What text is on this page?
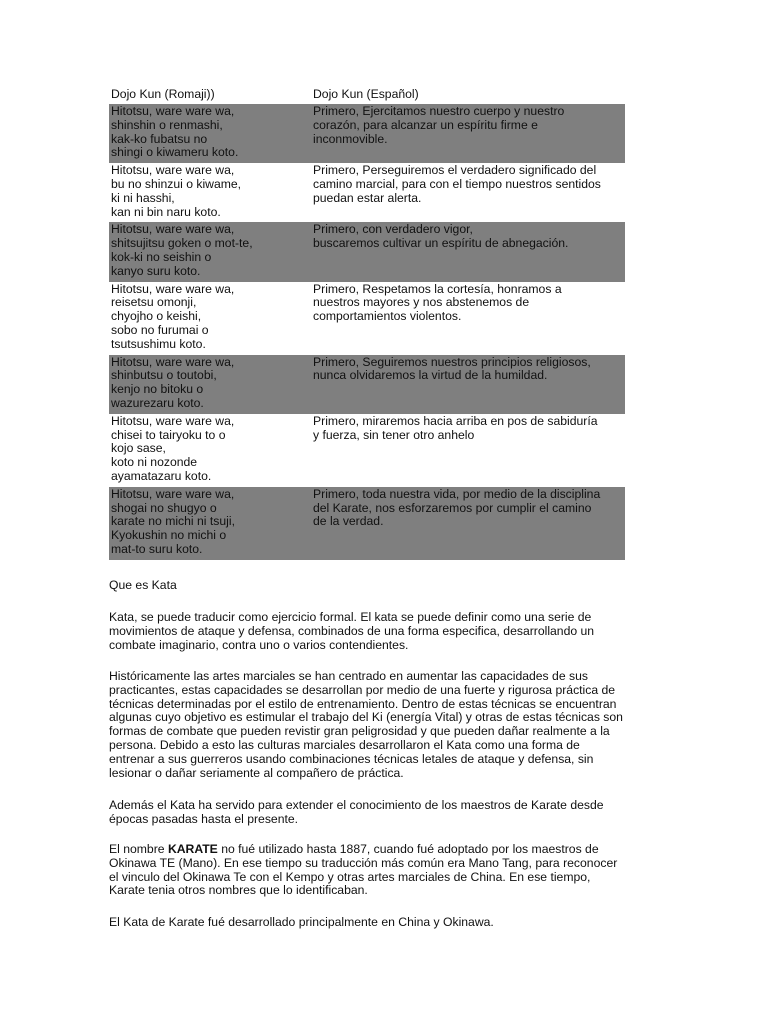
Dojo Kun (Romaji))	Dojo Kun (Español)

Hitotsu, ware ware wa,
shinshin o renmashi,
kak-ko fubatsu no
shingi o kiwameru koto.	Primero, Ejercitamos nuestro cuerpo y nuestro
corazón, para alcanzar un espíritu firme e
inconmovible.

Hitotsu, ware ware wa,
bu no shinzui o kiwame,
ki ni hasshi,
kan ni bin naru koto.	Primero, Perseguiremos el verdadero significado del
camino marcial, para con el tiempo nuestros sentidos
puedan estar alerta.

Hitotsu, ware ware wa,
shitsujitsu goken o mot-te,
kok-ki no seishin o
kanyo suru koto.	Primero, con verdadero vigor,
buscaremos cultivar un espíritu de abnegación.

Hitotsu, ware ware wa,
reisetsu omonji,
chyojho o keishi,
sobo no furumai o
tsutsushimu koto.	Primero, Respetamos la cortesía, honramos a
nuestros mayores y nos abstenemos de
comportamientos violentos.

Hitotsu, ware ware wa,
shinbutsu o toutobi,
kenjo no bitoku o
wazurezaru koto.	Primero, Seguiremos nuestros principios religiosos,
nunca olvidaremos la virtud de la humildad.

Hitotsu, ware ware wa,
chisei to tairyoku to o
kojo sase,
koto ni nozonde
ayamatazaru koto.	Primero, miraremos hacia arriba en pos de sabiduría
y fuerza, sin tener otro anhelo

Hitotsu, ware ware wa,
shogai no shugyo o
karate no michi ni tsuji,
Kyokushin no michi o
mat-to suru koto.	Primero, toda nuestra vida, por medio de la disciplina
del Karate, nos esforzaremos por cumplir el camino
de la verdad.

Que es Kata

Kata, se puede traducir como ejercicio formal. El kata se puede definir como una serie de
movimientos de ataque y defensa, combinados de una forma especifica, desarrollando un
combate imaginario, contra uno o varios contendientes.
Históricamente las artes marciales se han centrado en aumentar las capacidades de sus
practicantes, estas capacidades se desarrollan por medio de una fuerte y rigurosa práctica de
técnicas determinadas por el estilo de entrenamiento. Dentro de estas técnicas se encuentran
algunas cuyo objetivo es estimular el trabajo del Ki (energía Vital) y otras de estas técnicas son
formas de combate que pueden revistir gran peligrosidad y que pueden dañar realmente a la
persona. Debido a esto las culturas marciales desarrollaron el Kata como una forma de
entrenar a sus guerreros usando combinaciones técnicas letales de ataque y defensa, sin
lesionar o dañar seriamente al compañero de práctica.
Además el Kata ha servido para extender el conocimiento de los maestros de Karate desde
épocas pasadas hasta el presente.
El nombre KARATE no fué utilizado hasta 1887, cuando fué adoptado por los maestros de
Okinawa TE (Mano). En ese tiempo su traducción más común era Mano Tang, para reconocer
el vinculo del Okinawa Te con el Kempo y otras artes marciales de China. En ese tiempo,
Karate tenia otros nombres que lo identificaban.
El Kata de Karate fué desarrollado principalmente en China y Okinawa.
